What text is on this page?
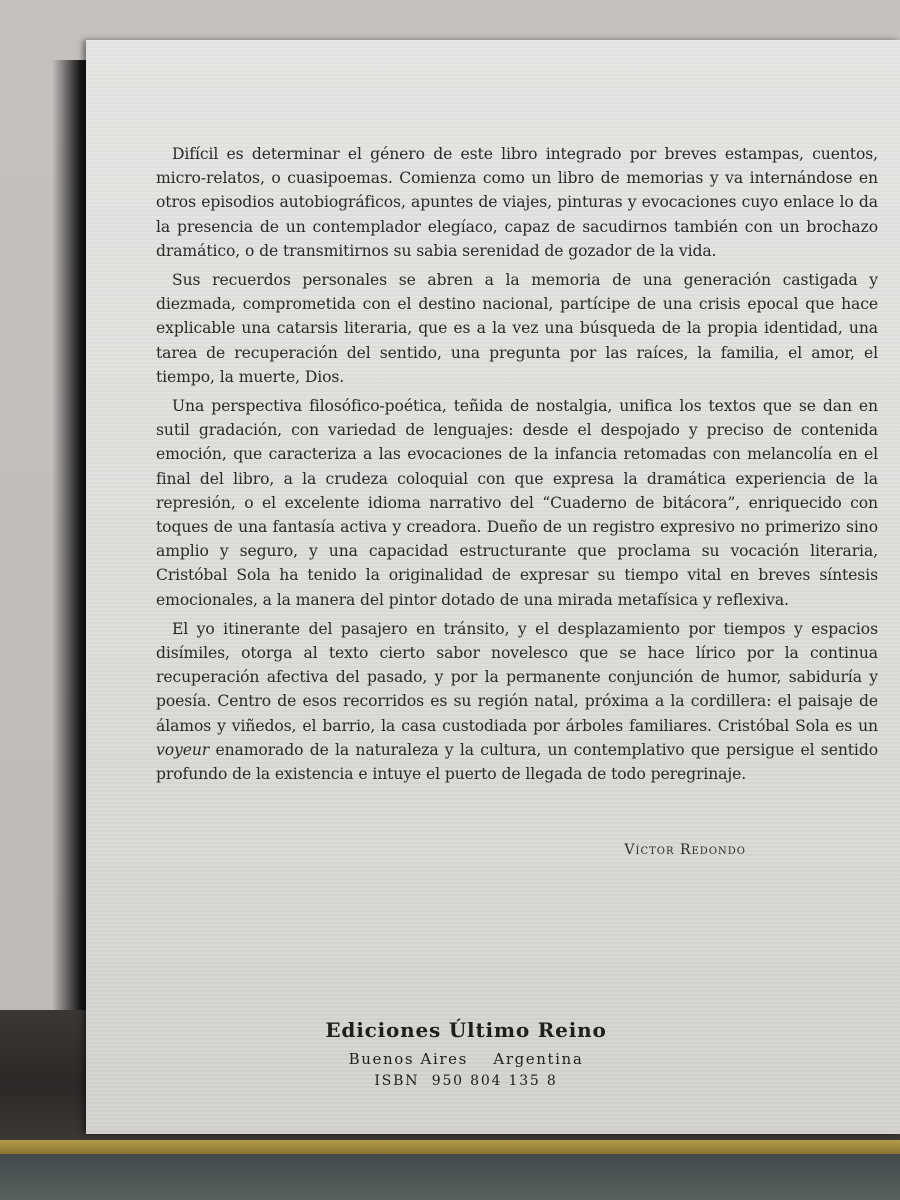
Difícil es determinar el género de este libro integrado por breves estampas, cuentos, micro-relatos, o cuasipoemas. Comienza como un libro de memorias y va internándose en otros episodios autobiográficos, apuntes de viajes, pinturas y evocaciones cuyo enlace lo da la presencia de un contemplador elegíaco, capaz de sacudirnos también con un brochazo dramático, o de transmitirnos su sabia serenidad de gozador de la vida.

Sus recuerdos personales se abren a la memoria de una generación castigada y diezmada, comprometida con el destino nacional, partícipe de una crisis epocal que hace explicable una catarsis literaria, que es a la vez una búsqueda de la propia identidad, una tarea de recuperación del sentido, una pregunta por las raíces, la familia, el amor, el tiempo, la muerte, Dios.

Una perspectiva filosófico-poética, teñida de nostalgia, unifica los textos que se dan en sutil gradación, con variedad de lenguajes: desde el despojado y preciso de contenida emoción, que caracteriza a las evocaciones de la infancia retomadas con melancolía en el final del libro, a la crudeza coloquial con que expresa la dramática experiencia de la represión, o el excelente idioma narrativo del “Cuaderno de bitácora”, enriquecido con toques de una fantasía activa y creadora. Dueño de un registro expresivo no primerizo sino amplio y seguro, y una capacidad estructurante que proclama su vocación literaria, Cristóbal Sola ha tenido la originalidad de expresar su tiempo vital en breves síntesis emocionales, a la manera del pintor dotado de una mirada metafísica y reflexiva.

El yo itinerante del pasajero en tránsito, y el desplazamiento por tiempos y espacios disímiles, otorga al texto cierto sabor novelesco que se hace lírico por la continua recuperación afectiva del pasado, y por la permanente conjunción de humor, sabiduría y poesía. Centro de esos recorridos es su región natal, próxima a la cordillera: el paisaje de álamos y viñedos, el barrio, la casa custodiada por árboles familiares. Cristóbal Sola es un voyeur enamorado de la naturaleza y la cultura, un contemplativo que persigue el sentido profundo de la existencia e intuye el puerto de llegada de todo peregrinaje.

Víctor Redondo
Ediciones Último Reino
Buenos Aires Argentina
ISBN  950 804 135 8
